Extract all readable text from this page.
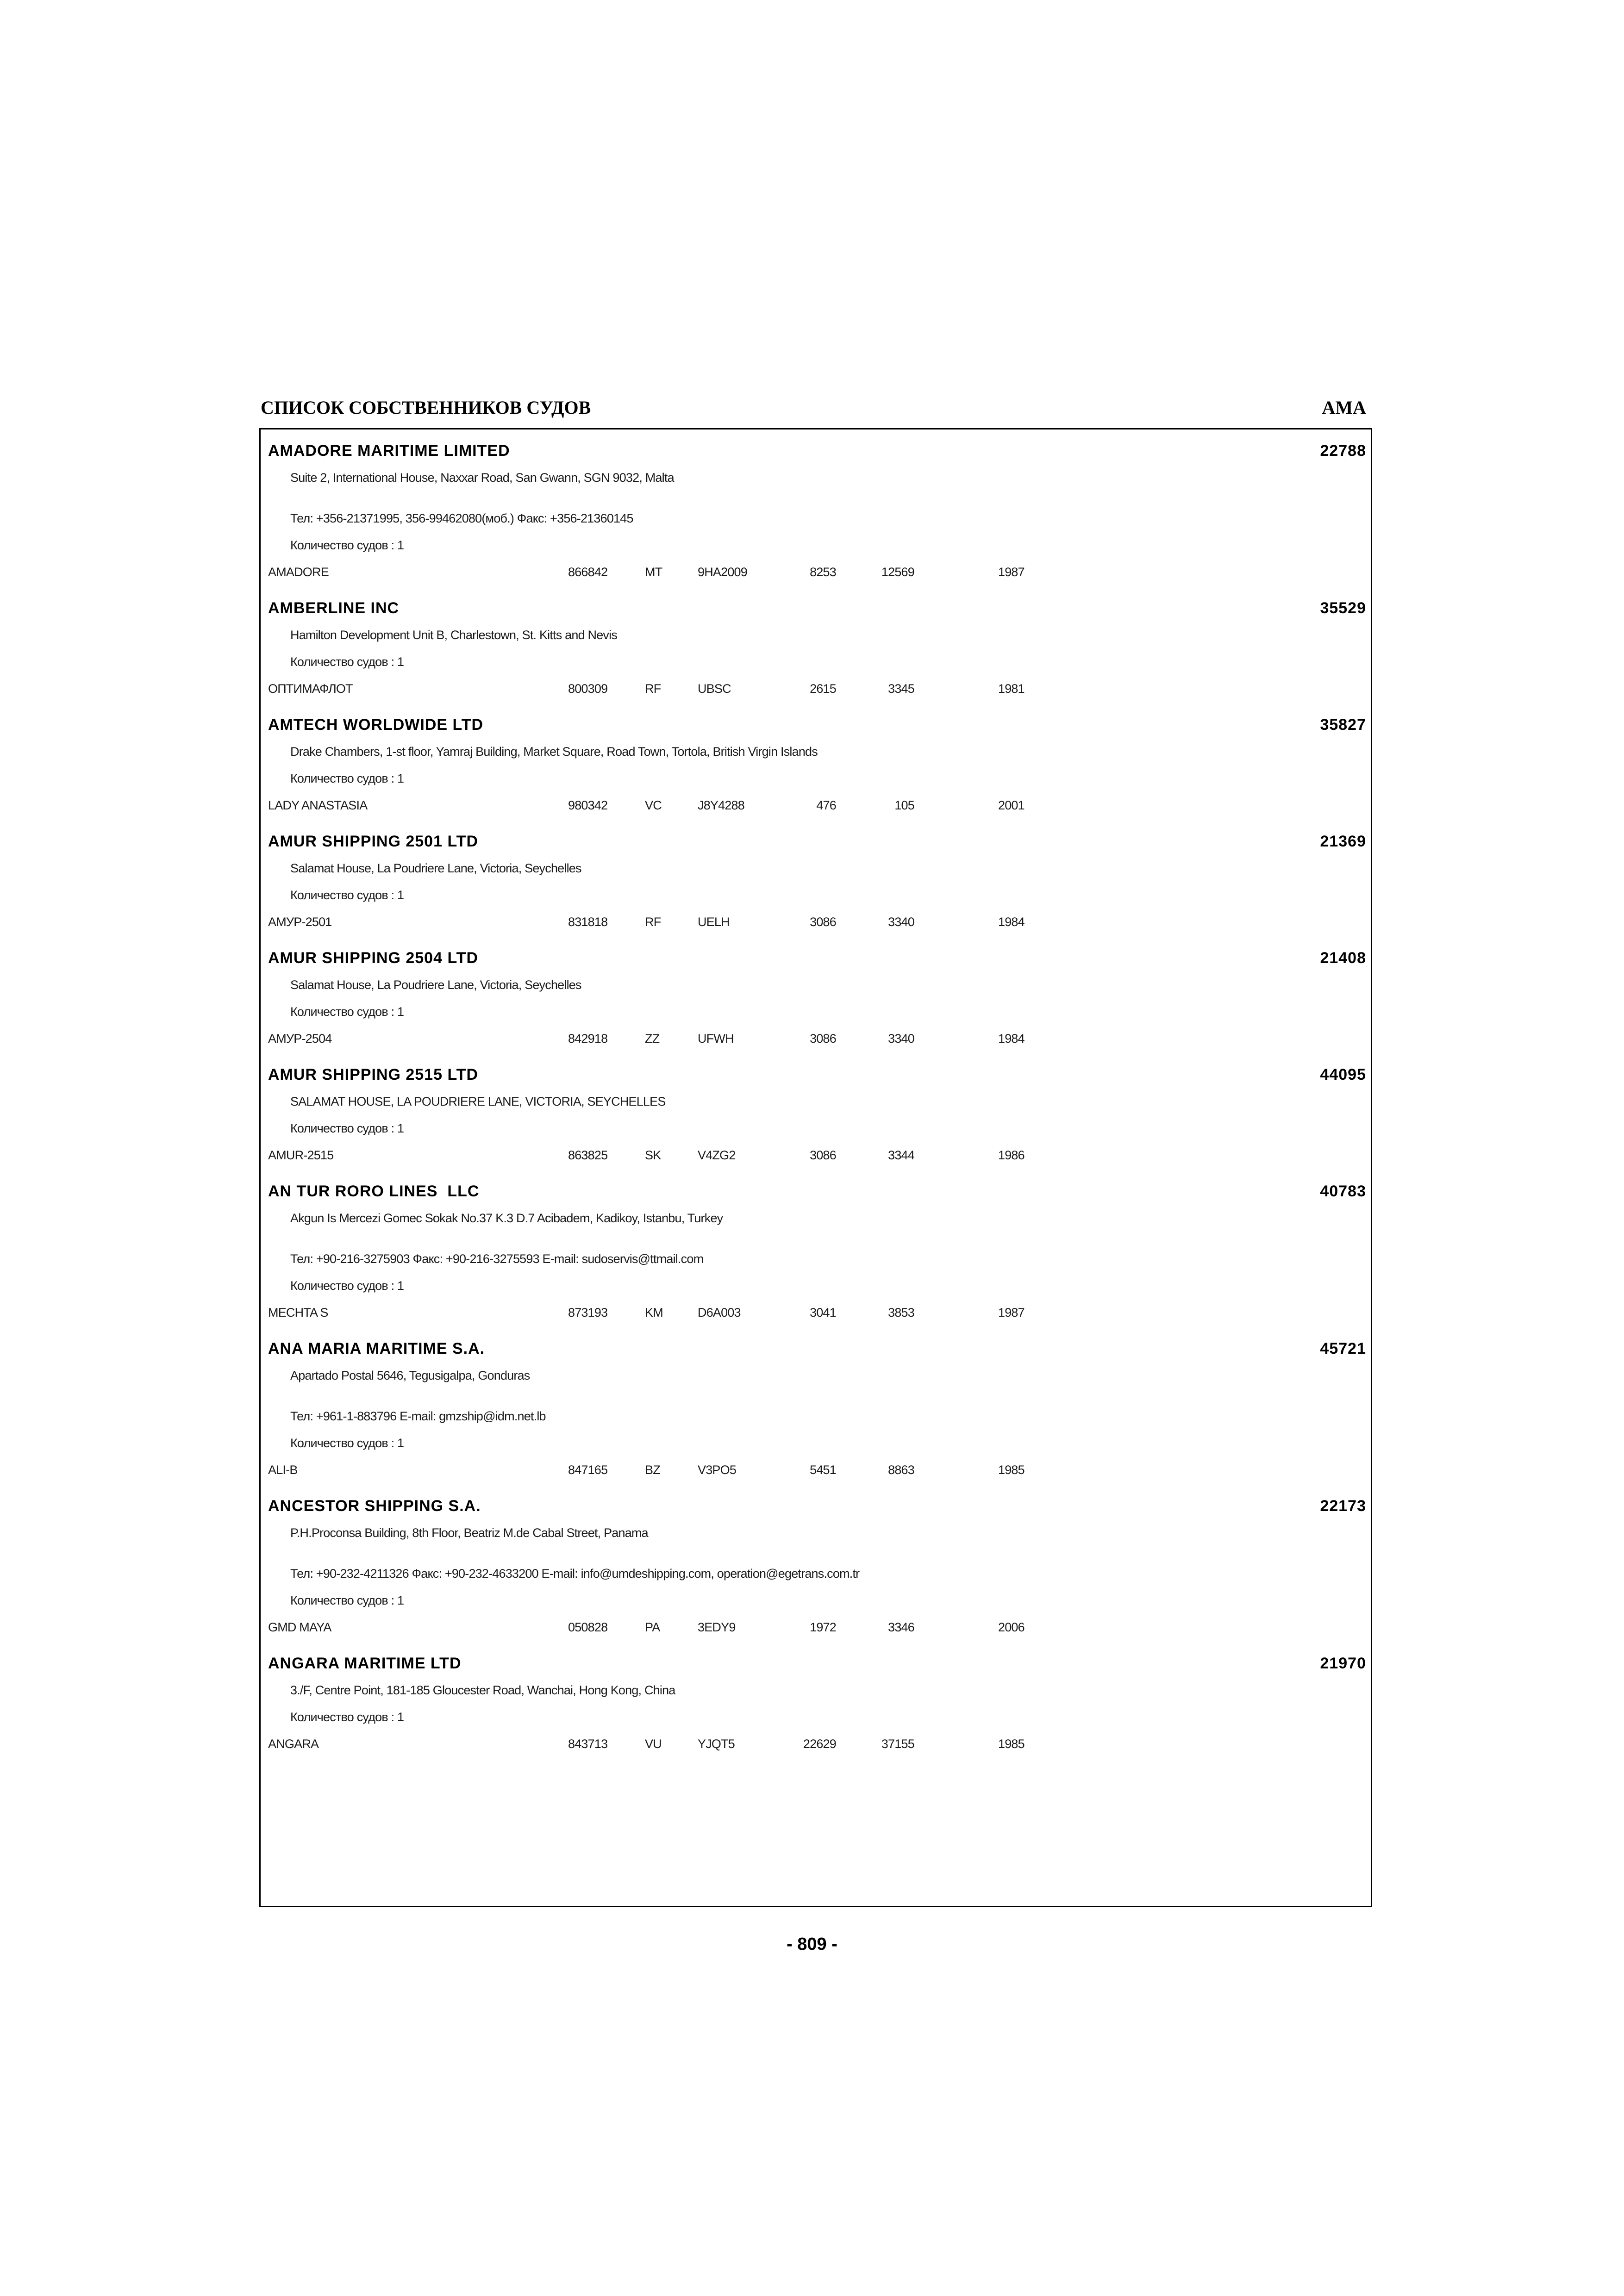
СПИСОК СОБСТВЕННИКОВ СУДОВ	AMA
AMADORE MARITIME LIMITED	22788
Suite 2, International House, Naxxar Road, San Gwann, SGN 9032, Malta
Тел: +356-21371995, 356-99462080(моб.) Факс: +356-21360145
Количество судов : 1
AMADORE	866842	MT	9HA2009	8253	12569	1987
AMBERLINE INC	35529
Hamilton Development Unit B, Charlestown, St. Kitts and Nevis
Количество судов : 1
ОПТИМАФЛОТ	800309	RF	UBSC	2615	3345	1981
AMTECH WORLDWIDE LTD	35827
Drake Chambers, 1-st floor, Yamraj Building, Market Square, Road Town, Tortola, British Virgin Islands
Количество судов : 1
LADY ANASTASIA	980342	VC	J8Y4288	476	105	2001
AMUR SHIPPING 2501 LTD	21369
Salamat House, La Poudriere Lane, Victoria, Seychelles
Количество судов : 1
АМУР-2501	831818	RF	UELH	3086	3340	1984
AMUR SHIPPING 2504 LTD	21408
Salamat House, La Poudriere Lane, Victoria, Seychelles
Количество судов : 1
АМУР-2504	842918	ZZ	UFWH	3086	3340	1984
AMUR SHIPPING 2515 LTD	44095
SALAMAT HOUSE, LA POUDRIERE LANE, VICTORIA, SEYCHELLES
Количество судов : 1
AMUR-2515	863825	SK	V4ZG2	3086	3344	1986
AN TUR RORO LINES  LLC	40783
Akgun Is Mercezi Gomec Sokak No.37 K.3 D.7 Acibadem, Kadikoy, Istanbu, Turkey
Тел: +90-216-3275903 Факс: +90-216-3275593 E-mail: sudoservis@ttmail.com
Количество судов : 1
MECHTA S	873193	KM	D6A003	3041	3853	1987
ANA MARIA MARITIME S.A.	45721
Apartado Postal 5646, Tegusigalpa, Gonduras
Тел: +961-1-883796 E-mail: gmzship@idm.net.lb
Количество судов : 1
ALI-B	847165	BZ	V3PO5	5451	8863	1985
ANCESTOR SHIPPING S.A.	22173
P.H.Proconsa Building, 8th Floor, Beatriz M.de Cabal Street, Panama
Тел: +90-232-4211326 Факс: +90-232-4633200 E-mail: info@umdeshipping.com, operation@egetrans.com.tr
Количество судов : 1
GMD MAYA	050828	PA	3EDY9	1972	3346	2006
ANGARA MARITIME LTD	21970
3./F, Centre Point, 181-185 Gloucester Road, Wanchai, Hong Kong, China
Количество судов : 1
ANGARA	843713	VU	YJQT5	22629	37155	1985
- 809 -
